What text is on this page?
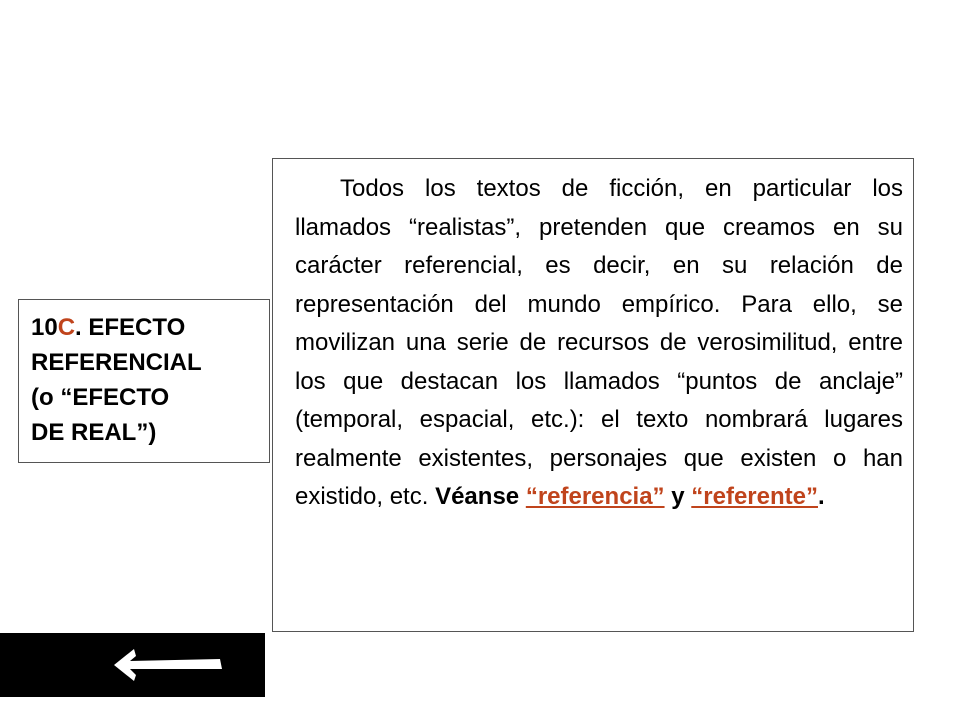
10C. EFECTO
REFERENCIAL
(o “EFECTO
DE REAL”)
Todos los textos de ficción, en particular los llamados “realistas”, pretenden que creamos en su carácter referencial, es decir, en su relación de representación del mundo empírico. Para ello, se movilizan una serie de recursos de verosimilitud, entre los que destacan los llamados “puntos de anclaje” (temporal, espacial, etc.): el texto nombrará lugares realmente existentes, personajes que existen o han existido, etc. Véanse “referencia” y “referente”.
